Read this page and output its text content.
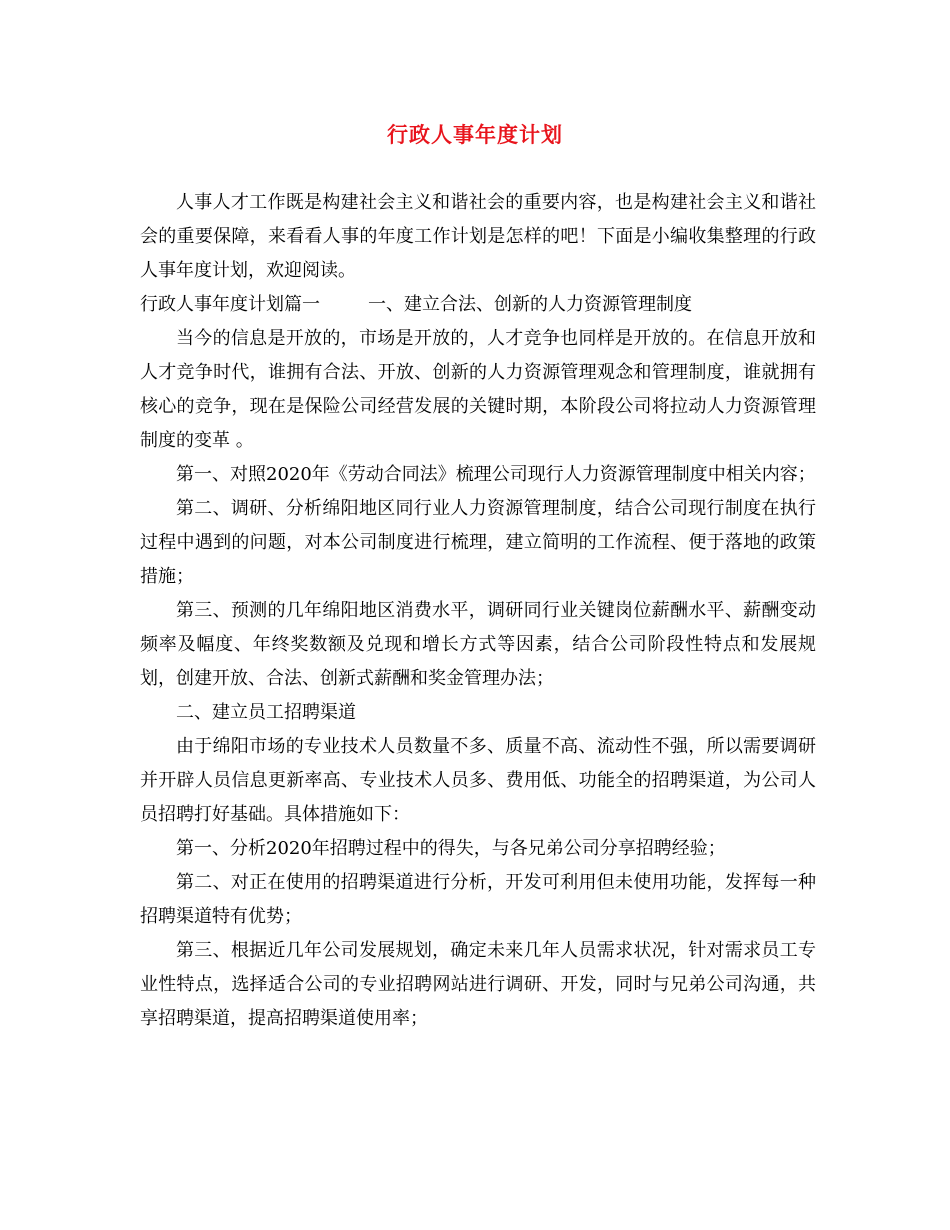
行政人事年度计划

人事人才工作既是构建社会主义和谐社会的重要内容，也是构建社会主义和谐社会的重要保障，来看看人事的年度工作计划是怎样的吧！下面是小编收集整理的行政人事年度计划，欢迎阅读。

行政人事年度计划篇一	一、建立合法、创新的人力资源管理制度

当今的信息是开放的，市场是开放的，人才竞争也同样是开放的。在信息开放和人才竞争时代，谁拥有合法、开放、创新的人力资源管理观念和管理制度，谁就拥有核心的竞争，现在是保险公司经营发展的关键时期，本阶段公司将拉动人力资源管理制度的变革 。

第一、对照2020年《劳动合同法》梳理公司现行人力资源管理制度中相关内容；

第二、调研、分析绵阳地区同行业人力资源管理制度，结合公司现行制度在执行过程中遇到的问题，对本公司制度进行梳理，建立简明的工作流程、便于落地的政策措施；

第三、预测的几年绵阳地区消费水平，调研同行业关键岗位薪酬水平、薪酬变动频率及幅度、年终奖数额及兑现和增长方式等因素，结合公司阶段性特点和发展规划，创建开放、合法、创新式薪酬和奖金管理办法；

二、建立员工招聘渠道

由于绵阳市场的专业技术人员数量不多、质量不高、流动性不强，所以需要调研并开辟人员信息更新率高、专业技术人员多、费用低、功能全的招聘渠道，为公司人员招聘打好基础。具体措施如下：

第一、分析2020年招聘过程中的得失，与各兄弟公司分享招聘经验；

第二、对正在使用的招聘渠道进行分析，开发可利用但未使用功能，发挥每一种招聘渠道特有优势；

第三、根据近几年公司发展规划，确定未来几年人员需求状况，针对需求员工专业性特点，选择适合公司的专业招聘网站进行调研、开发，同时与兄弟公司沟通，共享招聘渠道，提高招聘渠道使用率；
